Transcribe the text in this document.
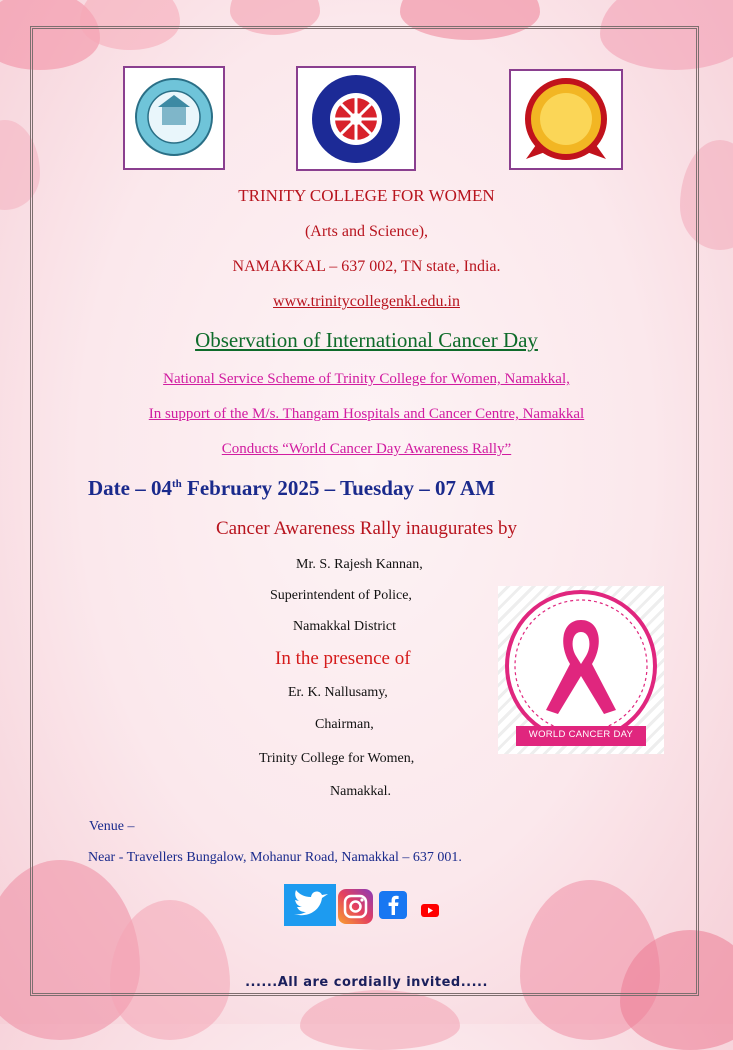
TRINITY COLLEGE FOR WOMEN
(Arts and Science),
NAMAKKAL – 637 002, TN state, India.
www.trinitycollegenkl.edu.in
Observation of International Cancer Day
National Service Scheme of Trinity College for Women, Namakkal,
In support of the M/s. Thangam Hospitals and Cancer Centre, Namakkal
Conducts “World Cancer Day Awareness Rally”
Date – 04th February 2025 – Tuesday – 07 AM
Cancer Awareness Rally inaugurates by
Mr. S. Rajesh Kannan,
Superintendent of Police,
Namakkal District
In the presence of
Er. K. Nallusamy,
Chairman,
Trinity College for Women,
Namakkal.
WORLD CANCER DAY
Venue –
Near - Travellers Bungalow, Mohanur Road, Namakkal – 637 001.
......All are cordially invited.....
